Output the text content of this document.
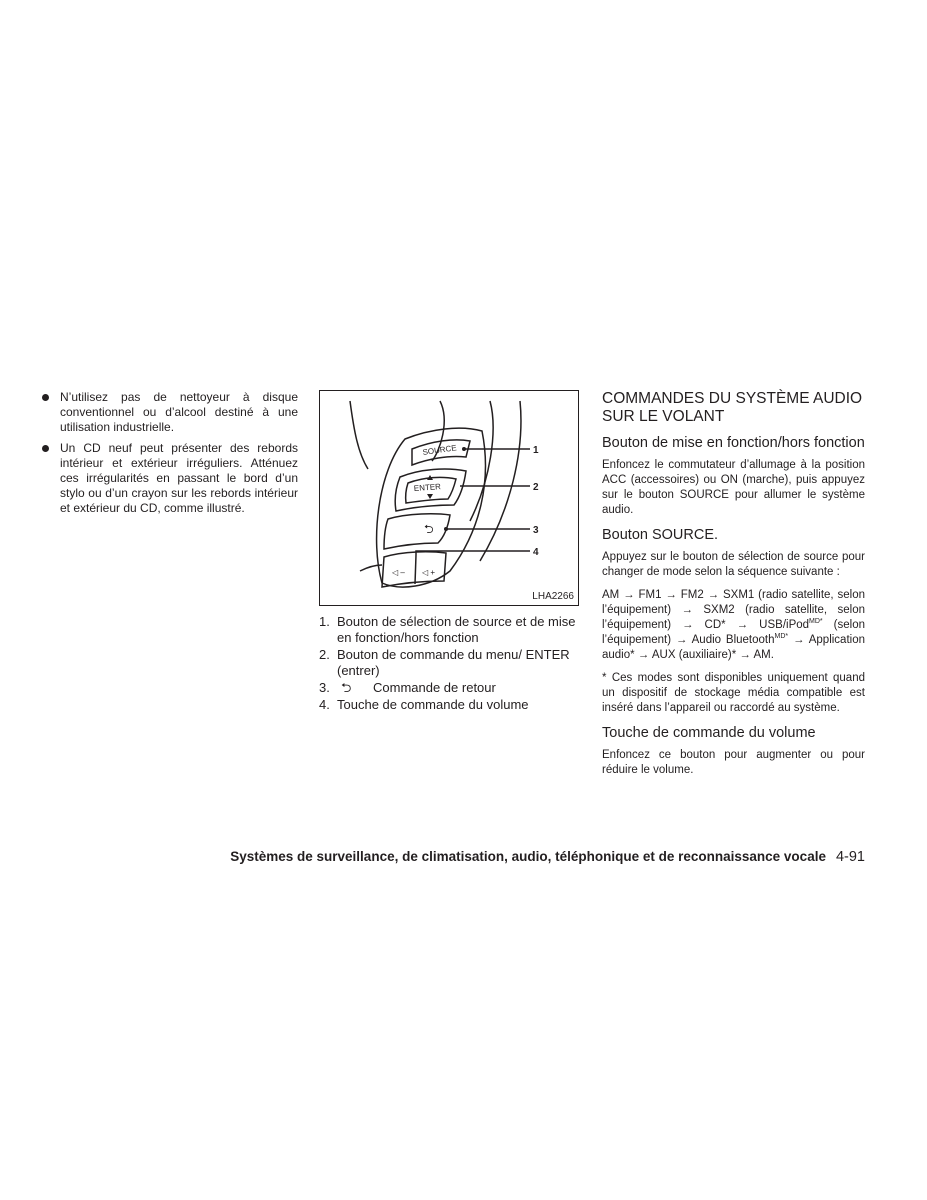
N’utilisez pas de nettoyeur à disque conventionnel ou d’alcool destiné à une utilisation industrielle.
Un CD neuf peut présenter des rebords intérieur et extérieur irréguliers. Atténuez ces irrégularités en passant le bord d’un stylo ou d’un crayon sur les rebords intérieur et extérieur du CD, comme illustré.
SOURCE
ENTER
⮌
◁ – ◁ +
1
2
3
4
LHA2266
1. Bouton de sélection de source et de mise en fonction/hors fonction
2. Bouton de commande du menu/ ENTER (entrer)
3. ⮌	Commande de retour
4. Touche de commande du volume
COMMANDES DU SYSTÈME AUDIO SUR LE VOLANT
Bouton de mise en fonction/hors fonction

Enfoncez le commutateur d’allumage à la position ACC (accessoires) ou ON (marche), puis appuyez sur le bouton SOURCE pour allumer le système audio.

Bouton SOURCE.

Appuyez sur le bouton de sélection de source pour changer de mode selon la séquence suivante :

AM → FM1 → FM2 → SXM1 (radio satellite, selon l’équipement) → SXM2 (radio satellite, selon l’équipement) → CD* → USB/iPod$^{MD*}$ (selon l’équipement) → Audio Bluetooth$^{MD*}$ → Application audio* → AUX (auxiliaire)* → AM.

* Ces modes sont disponibles uniquement quand un dispositif de stockage média compatible est inséré dans l’appareil ou raccordé au système.

Touche de commande du volume

Enfoncez ce bouton pour augmenter ou pour réduire le volume.

Systèmes de surveillance, de climatisation, audio, téléphonique et de reconnaissance vocale 4-91
